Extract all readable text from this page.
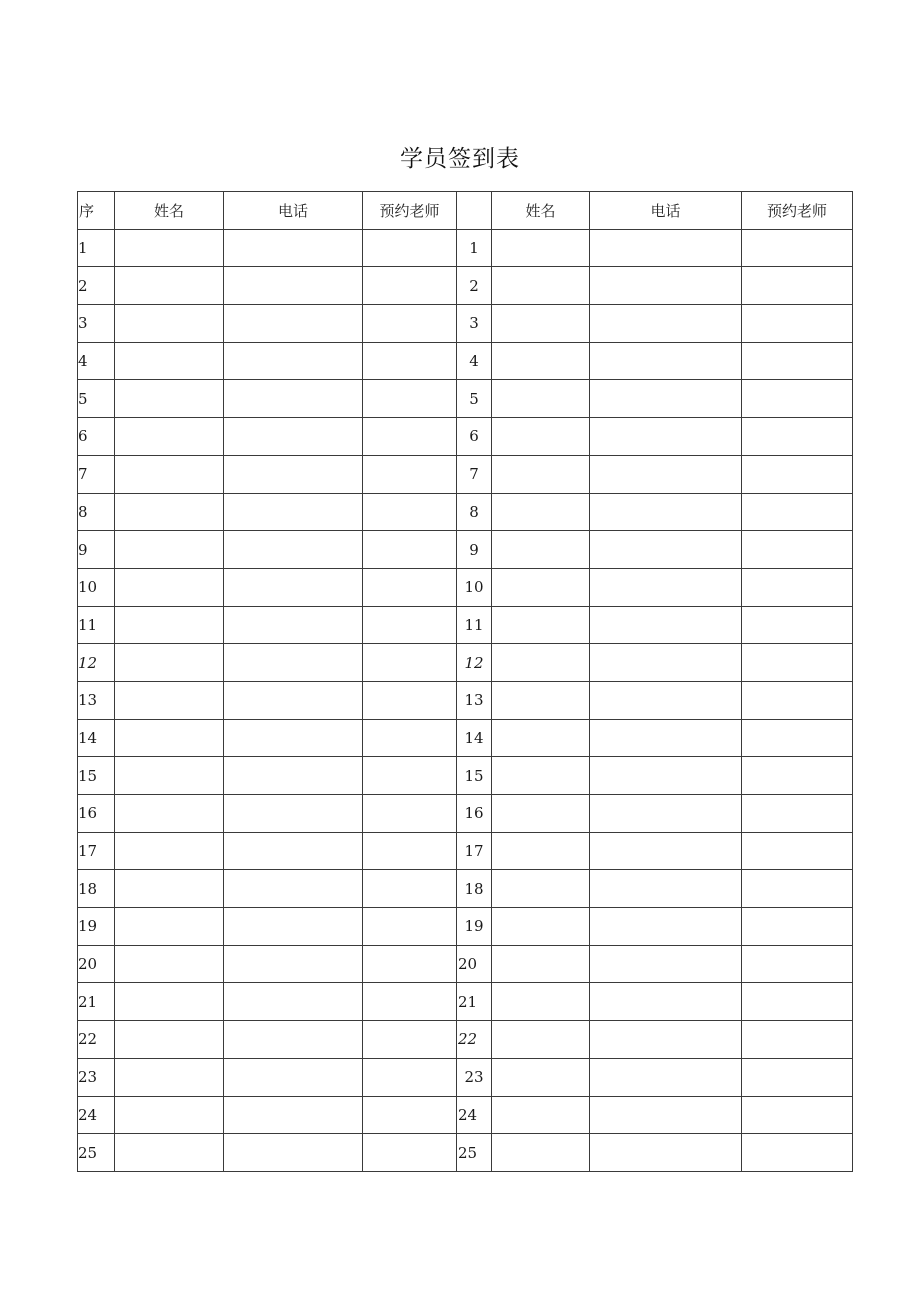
学员签到表
序	姓名	电话	预约老师		姓名	电话	预约老师
1				1			
2				2			
3				3			
4				4			
5				5			
6				6			
7				7			
8				8			
9				9			
10				10			
11				11			
12				12			
13				13			
14				14			
15				15			
16				16			
17				17			
18				18			
19				19			
20				20			
21				21			
22				22			
23				23			
24				24			
25				25			
